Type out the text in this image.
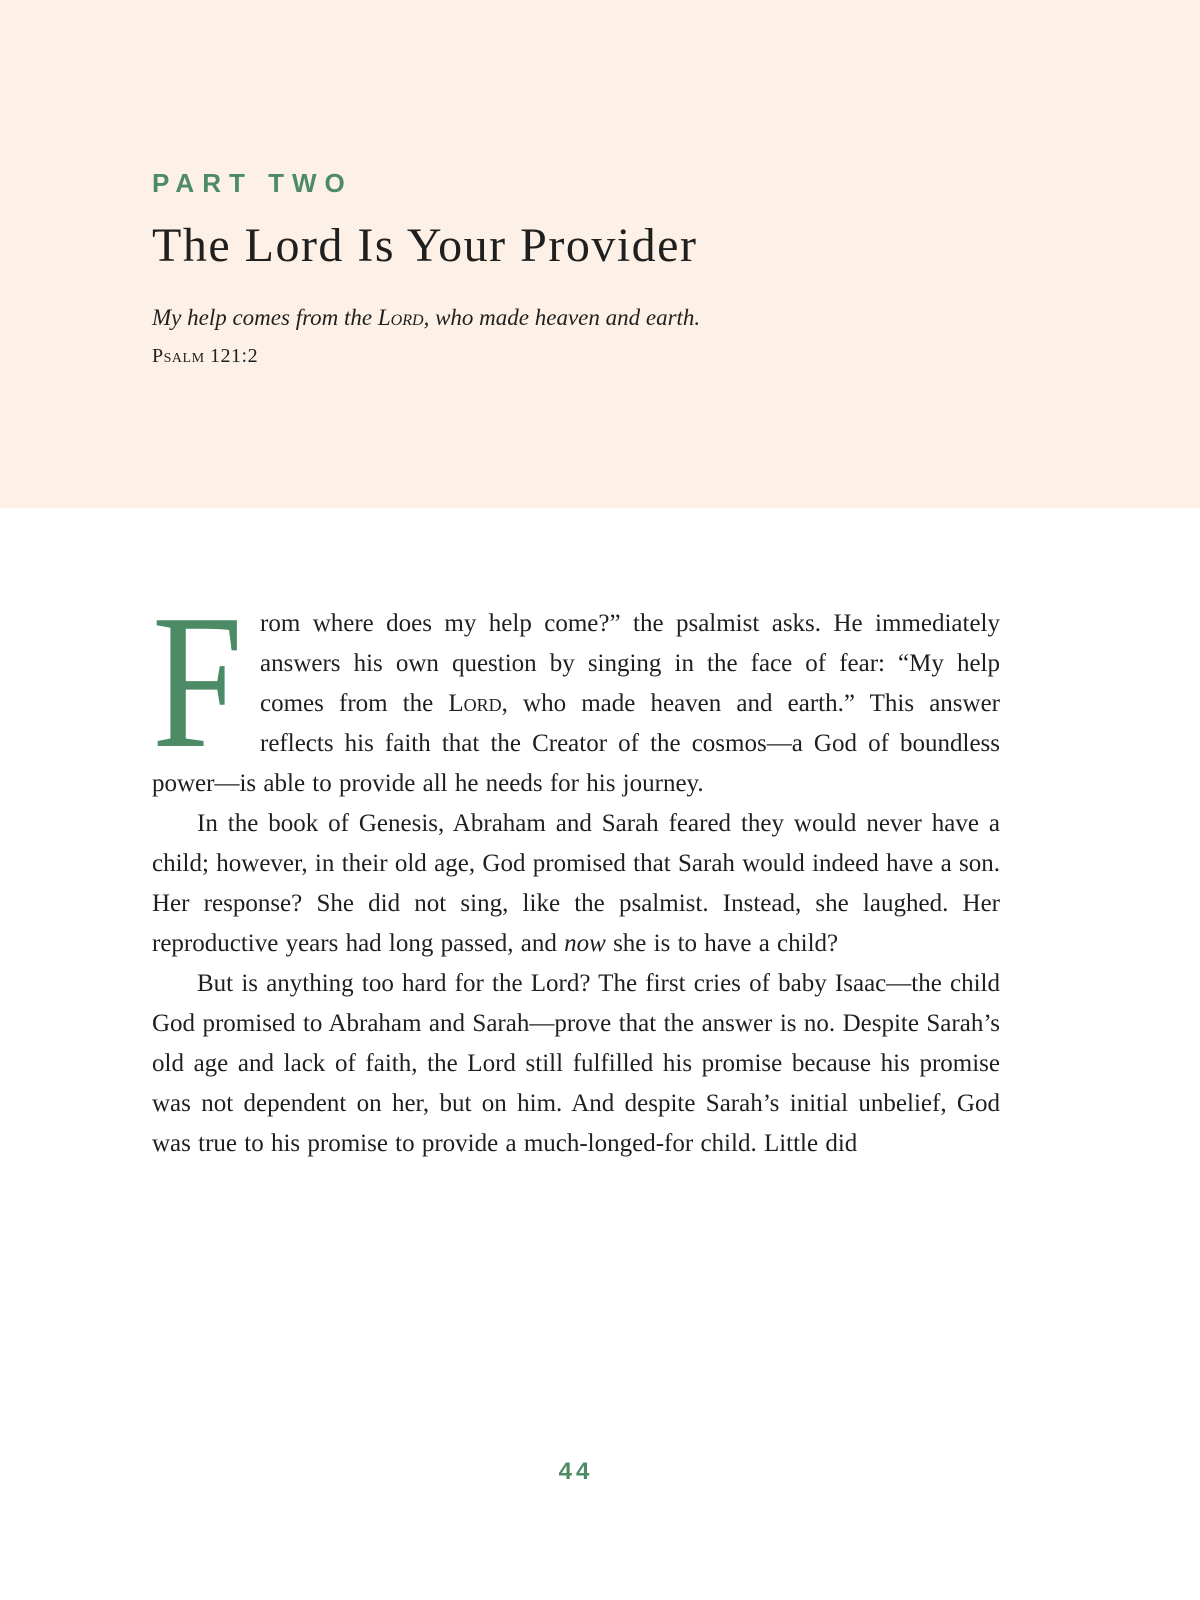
PART TWO
The Lord Is Your Provider

My help comes from the Lord, who made heaven and earth.

Psalm 121:2

From where does my help come?” the psalmist asks. He immediately answers his own question by singing in the face of fear: “My help comes from the Lord, who made heaven and earth.” This answer reflects his faith that the Creator of the cosmos—a God of boundless power—is able to provide all he needs for his journey.

In the book of Genesis, Abraham and Sarah feared they would never have a child; however, in their old age, God promised that Sarah would indeed have a son. Her response? She did not sing, like the psalmist. Instead, she laughed. Her reproductive years had long passed, and now she is to have a child?

But is anything too hard for the Lord? The first cries of baby Isaac—the child God promised to Abraham and Sarah—prove that the answer is no. Despite Sarah’s old age and lack of faith, the Lord still fulfilled his promise because his promise was not dependent on her, but on him. And despite Sarah’s initial unbelief, God was true to his promise to provide a much-longed-for child. Little did

44
